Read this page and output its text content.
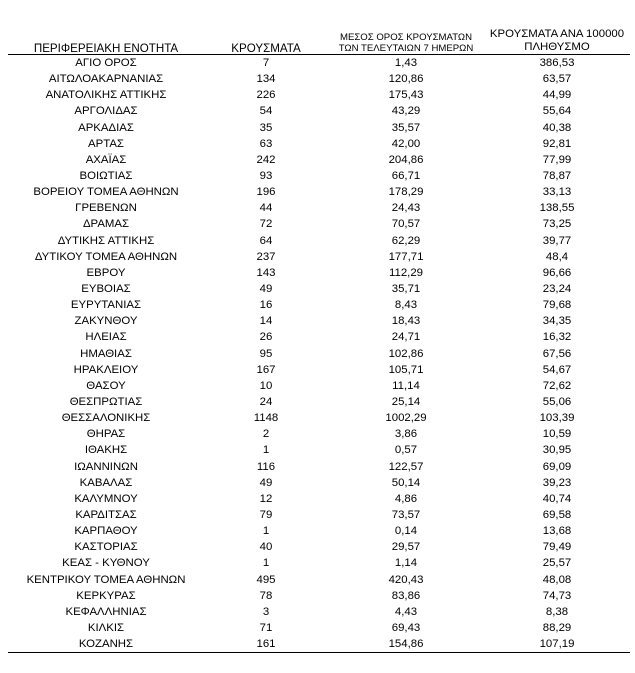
ΠΕΡΙΦΕΡΕΙΑΚΗ ΕΝΟΤΗΤΑ	ΚΡΟΥΣΜΑΤΑ	ΜΕΣΟΣ ΟΡΟΣ ΚΡΟΥΣΜΑΤΩΝ
ΤΩΝ ΤΕΛΕΥΤΑΙΩΝ 7 ΗΜΕΡΩΝ	ΚΡΟΥΣΜΑΤΑ ΑΝΑ 100000
ΠΛΗΘΥΣΜΟ
ΑΓΙΟ ΟΡΟΣ	7	1,43	386,53
ΑΙΤΩΛΟΑΚΑΡΝΑΝΙΑΣ	134	120,86	63,57
ΑΝΑΤΟΛΙΚΗΣ ΑΤΤΙΚΗΣ	226	175,43	44,99
ΑΡΓΟΛΙΔΑΣ	54	43,29	55,64
ΑΡΚΑΔΙΑΣ	35	35,57	40,38
ΑΡΤΑΣ	63	42,00	92,81
ΑΧΑΪΑΣ	242	204,86	77,99
ΒΟΙΩΤΙΑΣ	93	66,71	78,87
ΒΟΡΕΙΟΥ ΤΟΜΕΑ ΑΘΗΝΩΝ	196	178,29	33,13
ΓΡΕΒΕΝΩΝ	44	24,43	138,55
ΔΡΑΜΑΣ	72	70,57	73,25
ΔΥΤΙΚΗΣ ΑΤΤΙΚΗΣ	64	62,29	39,77
ΔΥΤΙΚΟΥ ΤΟΜΕΑ ΑΘΗΝΩΝ	237	177,71	48,4
ΕΒΡΟΥ	143	112,29	96,66
ΕΥΒΟΙΑΣ	49	35,71	23,24
ΕΥΡΥΤΑΝΙΑΣ	16	8,43	79,68
ΖΑΚΥΝΘΟΥ	14	18,43	34,35
ΗΛΕΙΑΣ	26	24,71	16,32
ΗΜΑΘΙΑΣ	95	102,86	67,56
ΗΡΑΚΛΕΙΟΥ	167	105,71	54,67
ΘΑΣΟΥ	10	11,14	72,62
ΘΕΣΠΡΩΤΙΑΣ	24	25,14	55,06
ΘΕΣΣΑΛΟΝΙΚΗΣ	1148	1002,29	103,39
ΘΗΡΑΣ	2	3,86	10,59
ΙΘΑΚΗΣ	1	0,57	30,95
ΙΩΑΝΝΙΝΩΝ	116	122,57	69,09
ΚΑΒΑΛΑΣ	49	50,14	39,23
ΚΑΛΥΜΝΟΥ	12	4,86	40,74
ΚΑΡΔΙΤΣΑΣ	79	73,57	69,58
ΚΑΡΠΑΘΟΥ	1	0,14	13,68
ΚΑΣΤΟΡΙΑΣ	40	29,57	79,49
ΚΕΑΣ - ΚΥΘΝΟΥ	1	1,14	25,57
ΚΕΝΤΡΙΚΟΥ ΤΟΜΕΑ ΑΘΗΝΩΝ	495	420,43	48,08
ΚΕΡΚΥΡΑΣ	78	83,86	74,73
ΚΕΦΑΛΛΗΝΙΑΣ	3	4,43	8,38
ΚΙΛΚΙΣ	71	69,43	88,29
ΚΟΖΑΝΗΣ	161	154,86	107,19
